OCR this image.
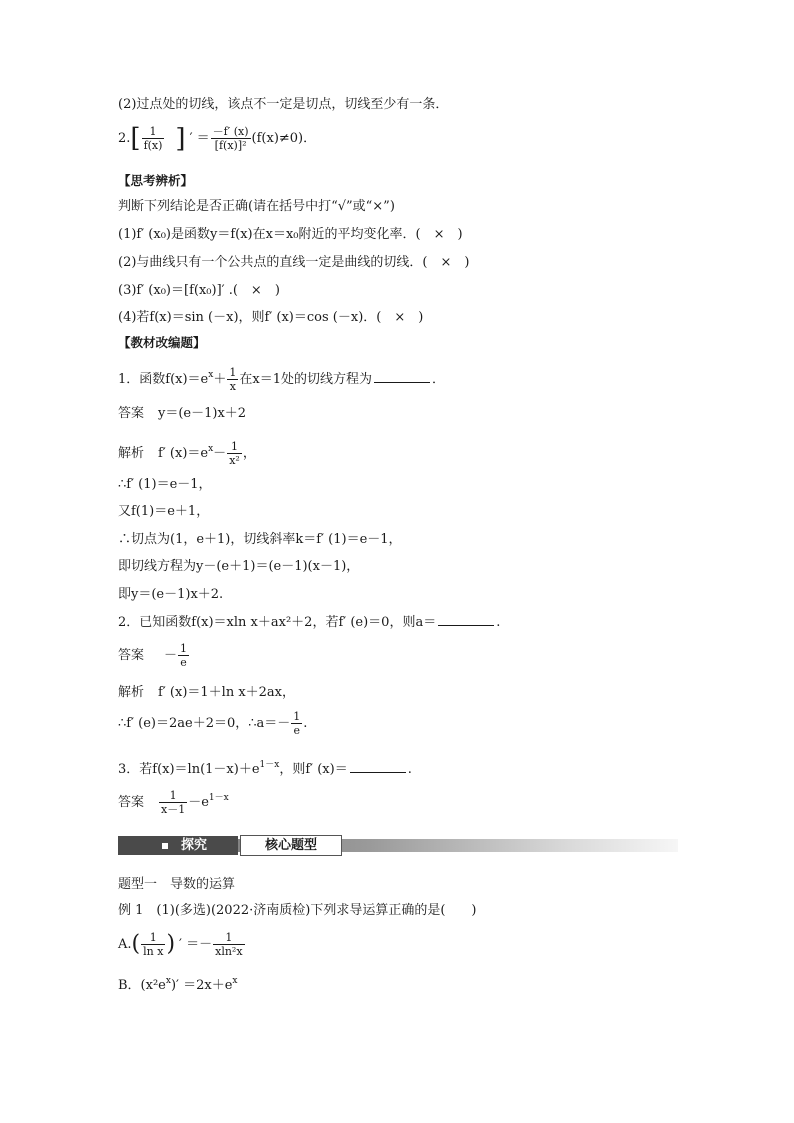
(2)过点处的切线，该点不一定是切点，切线至少有一条．
$2.[ \frac{1}{f(x)}$ ] ′ ＝ $\frac{-f' (x)}{\text{[f(x)]²}} (f(x)\ne 0)$．
【思考辨析】
判断下列结论是否正确(请在括号中打“√”或“×”)
(1)f′ (x₀)是函数y＝f(x)在x＝x₀附近的平均变化率．(　×　)
(2)与曲线只有一个公共点的直线一定是曲线的切线．(　×　)
(3)f′ (x₀)＝[f(x₀)]′ .(　×　)
(4)若f(x)＝sin (－x)，则f′ (x)＝cos (－x)．(　×　)
【教材改编题】
1．函数$f(x)=e^x+ \frac{1}{x}$ 在x＝1处的切线方程为	．
答案 y＝(e－1)x＋2
解析 f′ $(x)=e^x- \frac{1}{\text{x²}}$ ，
∴f′ (1)＝e－1，
又f(1)＝e＋1，
∴切点为(1，e＋1)，切线斜率k＝f′ (1)＝e－1，
即切线方程为y－(e＋1)＝(e－1)(x－1)，
即y＝(e－1)x＋2.
2．已知函数f(x)＝xln x＋ax²＋2，若f′ (e)＝0，则a＝	.
答案 － $\frac{1}{e}$
解析 f′ (x)＝1＋ln x＋2ax，
∴f′ (e)＝2ae＋2＝0，∴a＝－ $\frac{1}{e}$ .
3．若$f(x)=\ln(1-x)+e^{1-x}$，则f′ (x)＝	.
答案 $\frac{1}{x-1} -e^{1-x}$
探究	核心题型
题型一　导数的运算
例 1　(1)(多选)(2022·济南质检)下列求导运算正确的是(　　)
$A.( \frac{1}{\text{ln x}}$ ) ′ ＝－ $\frac{1}{\text{xln²x}}$
B．$(x^2e^x)' =2x+e^x$
